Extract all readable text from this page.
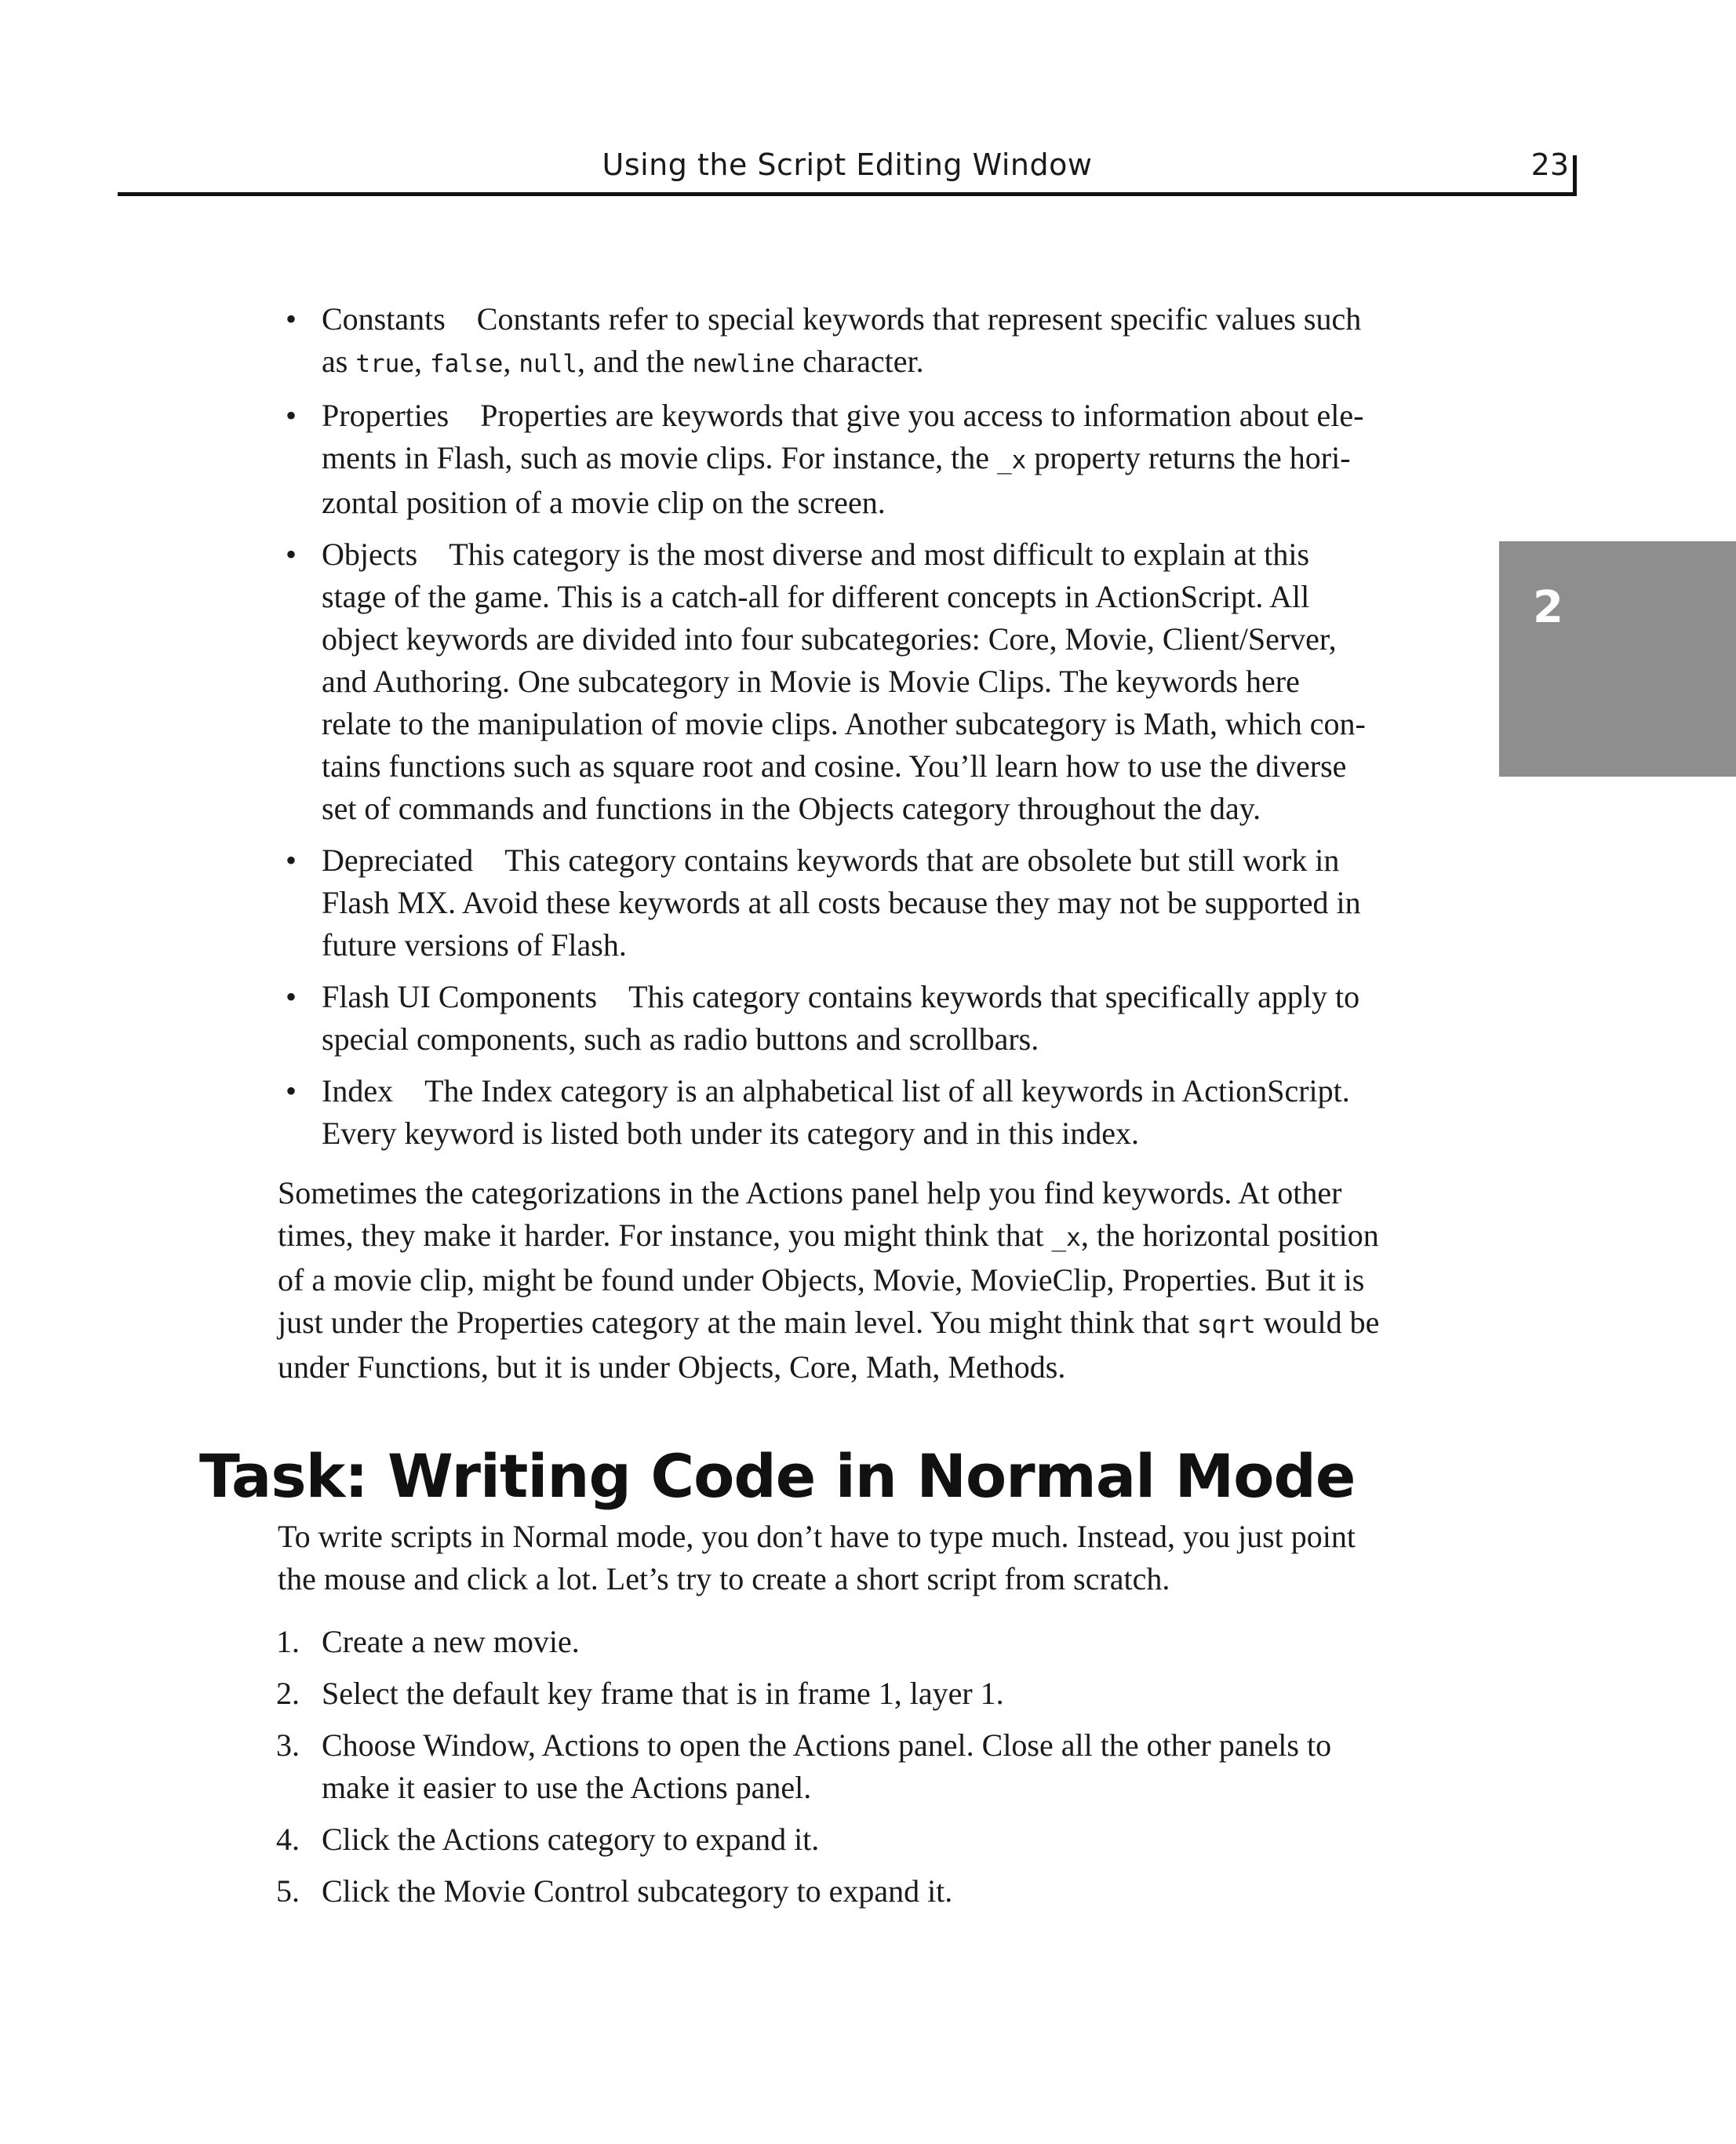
Using the Script Editing Window	23
2
• Constants Constants refer to special keywords that represent specific values such
as true, false, null, and the newline character.
• Properties Properties are keywords that give you access to information about ele-
ments in Flash, such as movie clips. For instance, the _x property returns the hori-
zontal position of a movie clip on the screen.
• Objects This category is the most diverse and most difficult to explain at this
stage of the game. This is a catch-all for different concepts in ActionScript. All
object keywords are divided into four subcategories: Core, Movie, Client/Server,
and Authoring. One subcategory in Movie is Movie Clips. The keywords here
relate to the manipulation of movie clips. Another subcategory is Math, which con-
tains functions such as square root and cosine. You’ll learn how to use the diverse
set of commands and functions in the Objects category throughout the day.
• Depreciated This category contains keywords that are obsolete but still work in
Flash MX. Avoid these keywords at all costs because they may not be supported in
future versions of Flash.
• Flash UI Components This category contains keywords that specifically apply to
special components, such as radio buttons and scrollbars.
• Index The Index category is an alphabetical list of all keywords in ActionScript.
Every keyword is listed both under its category and in this index.

Sometimes the categorizations in the Actions panel help you find keywords. At other
times, they make it harder. For instance, you might think that _x, the horizontal position
of a movie clip, might be found under Objects, Movie, MovieClip, Properties. But it is
just under the Properties category at the main level. You might think that sqrt would be
under Functions, but it is under Objects, Core, Math, Methods.

Task: Writing Code in Normal Mode

To write scripts in Normal mode, you don’t have to type much. Instead, you just point
the mouse and click a lot. Let’s try to create a short script from scratch.

1. Create a new movie.
2. Select the default key frame that is in frame 1, layer 1.
3. Choose Window, Actions to open the Actions panel. Close all the other panels to
make it easier to use the Actions panel.
4. Click the Actions category to expand it.
5. Click the Movie Control subcategory to expand it.
